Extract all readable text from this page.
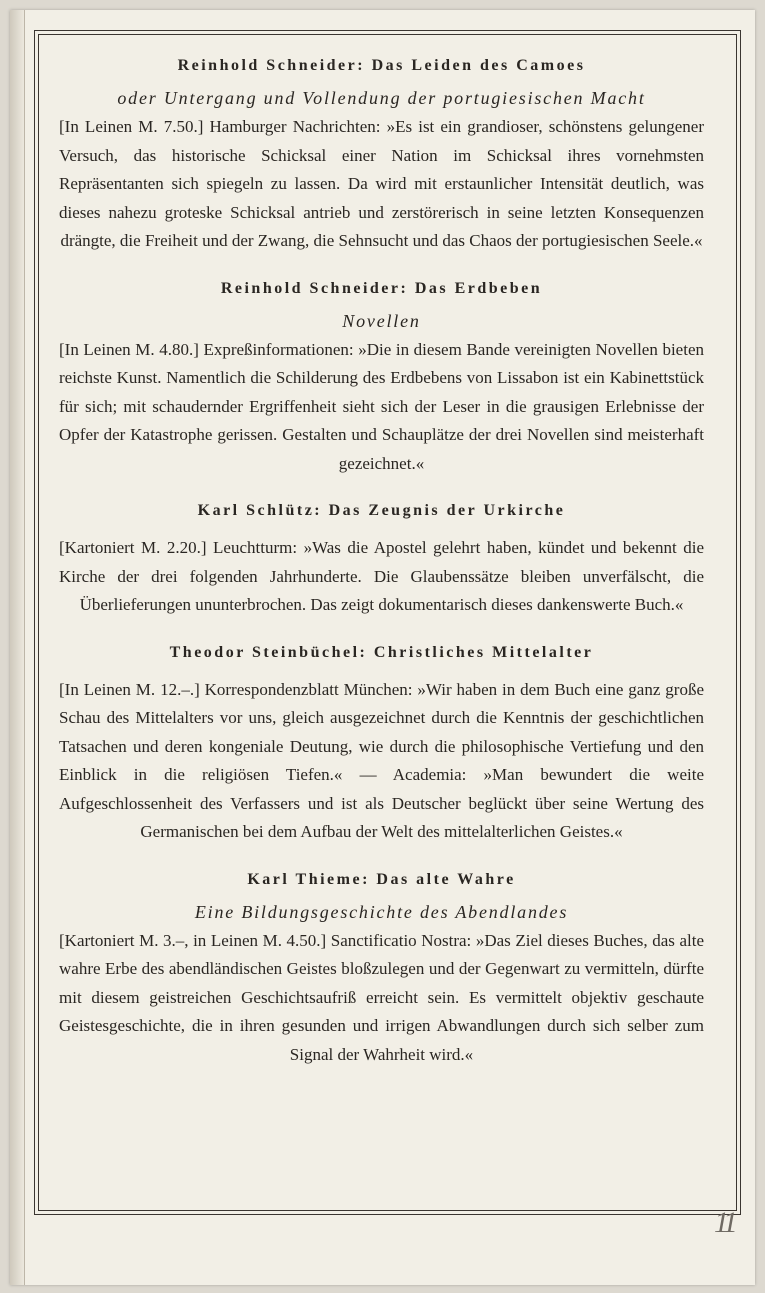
Reinhold Schneider: Das Leiden des Camoes
oder Untergang und Vollendung der portugiesischen Macht

[In Leinen M. 7.50.] Hamburger Nachrichten: »Es ist ein grandioser, schönstens gelungener Versuch, das historische Schicksal einer Nation im Schicksal ihres vornehmsten Repräsentanten sich spiegeln zu lassen. Da wird mit erstaunlicher Intensität deutlich, was dieses nahezu groteske Schicksal antrieb und zerstörerisch in seine letzten Konsequenzen drängte, die Freiheit und der Zwang, die Sehnsucht und das Chaos der portugiesischen Seele.«

Reinhold Schneider: Das Erdbeben
Novellen

[In Leinen M. 4.80.] Expreßinformationen: »Die in diesem Bande vereinigten Novellen bieten reichste Kunst. Namentlich die Schilderung des Erdbebens von Lissabon ist ein Kabinettstück für sich; mit schaudernder Ergriffenheit sieht sich der Leser in die grausigen Erlebnisse der Opfer der Katastrophe gerissen. Gestalten und Schauplätze der drei Novellen sind meisterhaft gezeichnet.«

Karl Schlütz: Das Zeugnis der Urkirche

[Kartoniert M. 2.20.] Leuchtturm: »Was die Apostel gelehrt haben, kündet und bekennt die Kirche der drei folgenden Jahrhunderte. Die Glaubenssätze bleiben unverfälscht, die Überlieferungen ununterbrochen. Das zeigt dokumentarisch dieses dankenswerte Buch.«

Theodor Steinbüchel: Christliches Mittelalter

[In Leinen M. 12.–.] Korrespondenzblatt München: »Wir haben in dem Buch eine ganz große Schau des Mittelalters vor uns, gleich ausgezeichnet durch die Kenntnis der geschichtlichen Tatsachen und deren kongeniale Deutung, wie durch die philosophische Vertiefung und den Einblick in die religiösen Tiefen.« — Academia: »Man bewundert die weite Aufgeschlossenheit des Verfassers und ist als Deutscher beglückt über seine Wertung des Germanischen bei dem Aufbau der Welt des mittelalterlichen Geistes.«

Karl Thieme: Das alte Wahre
Eine Bildungsgeschichte des Abendlandes

[Kartoniert M. 3.–, in Leinen M. 4.50.] Sanctificatio Nostra: »Das Ziel dieses Buches, das alte wahre Erbe des abendländischen Geistes bloßzulegen und der Gegenwart zu vermitteln, dürfte mit diesem geistreichen Geschichtsaufriß erreicht sein. Es vermittelt objektiv geschaute Geistesgeschichte, die in ihren gesunden und irrigen Abwandlungen durch sich selber zum Signal der Wahrheit wird.«

11
